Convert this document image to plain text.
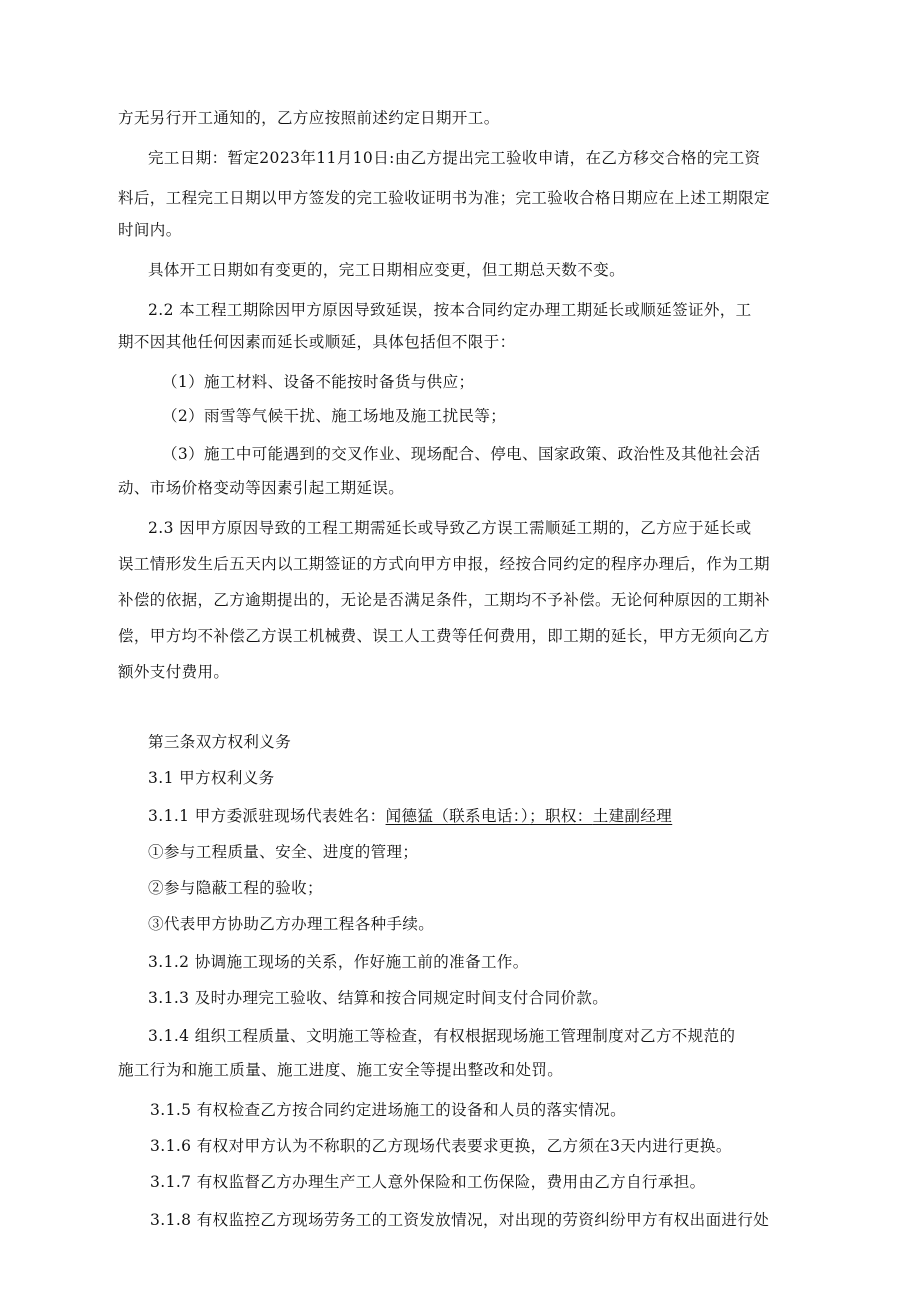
方无另行开工通知的，乙方应按照前述约定日期开工。
完工日期：暂定2023年11月10日:由乙方提出完工验收申请，在乙方移交合格的完工资
料后，工程完工日期以甲方签发的完工验收证明书为准；完工验收合格日期应在上述工期限定
时间内。
具体开工日期如有变更的，完工日期相应变更，但工期总天数不变。
2.2 本工程工期除因甲方原因导致延误，按本合同约定办理工期延长或顺延签证外，工
期不因其他任何因素而延长或顺延，具体包括但不限于：
（1）施工材料、设备不能按时备货与供应；
（2）雨雪等气候干扰、施工场地及施工扰民等；
（3）施工中可能遇到的交叉作业、现场配合、停电、国家政策、政治性及其他社会活
动、市场价格变动等因素引起工期延误。
2.3 因甲方原因导致的工程工期需延长或导致乙方误工需顺延工期的，乙方应于延长或
误工情形发生后五天内以工期签证的方式向甲方申报，经按合同约定的程序办理后，作为工期
补偿的依据，乙方逾期提出的，无论是否满足条件，工期均不予补偿。无论何种原因的工期补
偿，甲方均不补偿乙方误工机械费、误工人工费等任何费用，即工期的延长，甲方无须向乙方
额外支付费用。
第三条双方权利义务
3.1 甲方权利义务
3.1.1 甲方委派驻现场代表姓名：闻德猛（联系电话：）；职权：土建副经理
①参与工程质量、安全、进度的管理；
②参与隐蔽工程的验收；
③代表甲方协助乙方办理工程各种手续。
3.1.2 协调施工现场的关系，作好施工前的准备工作。
3.1.3 及时办理完工验收、结算和按合同规定时间支付合同价款。
3.1.4 组织工程质量、文明施工等检查，有权根据现场施工管理制度对乙方不规范的
施工行为和施工质量、施工进度、施工安全等提出整改和处罚。
3.1.5 有权检查乙方按合同约定进场施工的设备和人员的落实情况。
3.1.6 有权对甲方认为不称职的乙方现场代表要求更换，乙方须在3天内进行更换。
3.1.7 有权监督乙方办理生产工人意外保险和工伤保险，费用由乙方自行承担。
3.1.8 有权监控乙方现场劳务工的工资发放情况，对出现的劳资纠纷甲方有权出面进行处
